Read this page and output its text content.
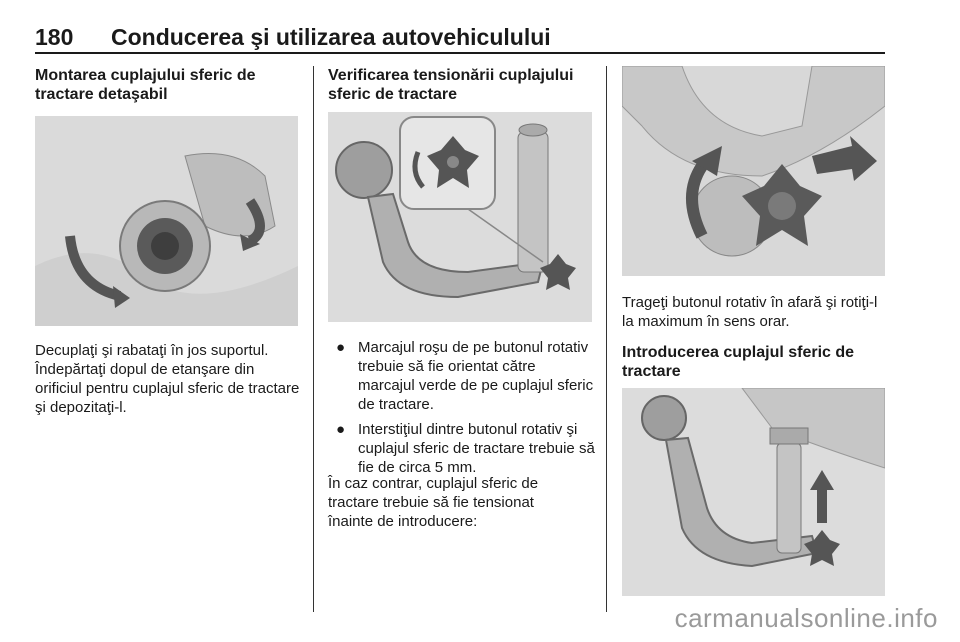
180 Conducerea şi utilizarea autovehiculului
Montarea cuplajului sferic de tractare detaşabil

Decuplaţi şi rabataţi în jos suportul. Îndepărtaţi dopul de etanşare din orificiul pentru cuplajul sferic de tractare şi depozitaţi-l.

Verificarea tensionării cuplajului sferic de tractare
● Marcajul roşu de pe butonul rotativ trebuie să fie orientat către marcajul verde de pe cuplajul sferic de tractare.
● Interstiţiul dintre butonul rotativ şi cuplajul sferic de tractare trebuie să fie de circa 5 mm.

În caz contrar, cuplajul sferic de tractare trebuie să fie tensionat înainte de introducere:

Trageţi butonul rotativ în afară şi rotiţi-l la maximum în sens orar.

Introducerea cuplajul sferic de tractare
carmanualsonline.info
